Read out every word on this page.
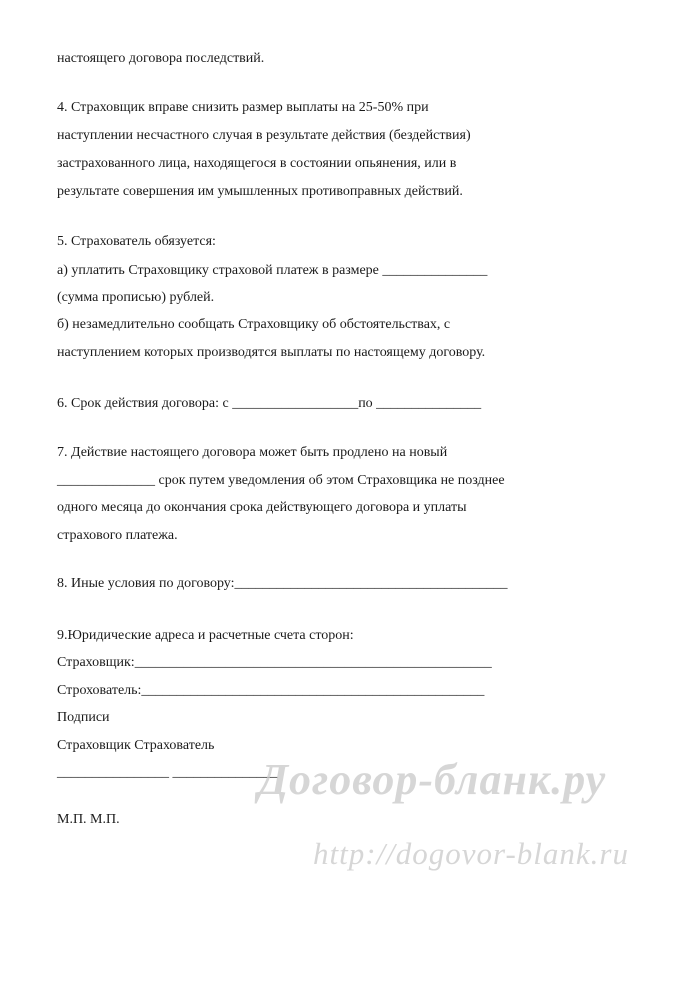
настоящего договора последствий.
4. Страховщик вправе снизить размер выплаты на 25-50% при
наступлении несчастного случая в результате действия (бездействия)
застрахованного лица, находящегося в состоянии опьянения, или в
результате совершения им умышленных противоправных действий.
5. Страхователь обязуется:
а) уплатить Страховщику страховой платеж в размере _______________
(сумма прописью) рублей.
б) незамедлительно сообщать Страховщику об обстоятельствах, с
наступлением которых производятся выплаты по настоящему договору.
6. Срок действия договора: с __________________по _______________
7. Действие настоящего договора может быть продлено на новый
______________ срок путем уведомления об этом Страховщика не позднее
одного месяца до окончания срока действующего договора и уплаты
страхового платежа.
8. Иные условия по договору:_______________________________________
9.Юридические адреса и расчетные счета сторон:
Страховщик:___________________________________________________
Строхователь:_________________________________________________
Подписи
Страховщик Страхователь
________________ _______________
М.П. М.П.
Договор-бланк.ру
http://dogovor-blank.ru
